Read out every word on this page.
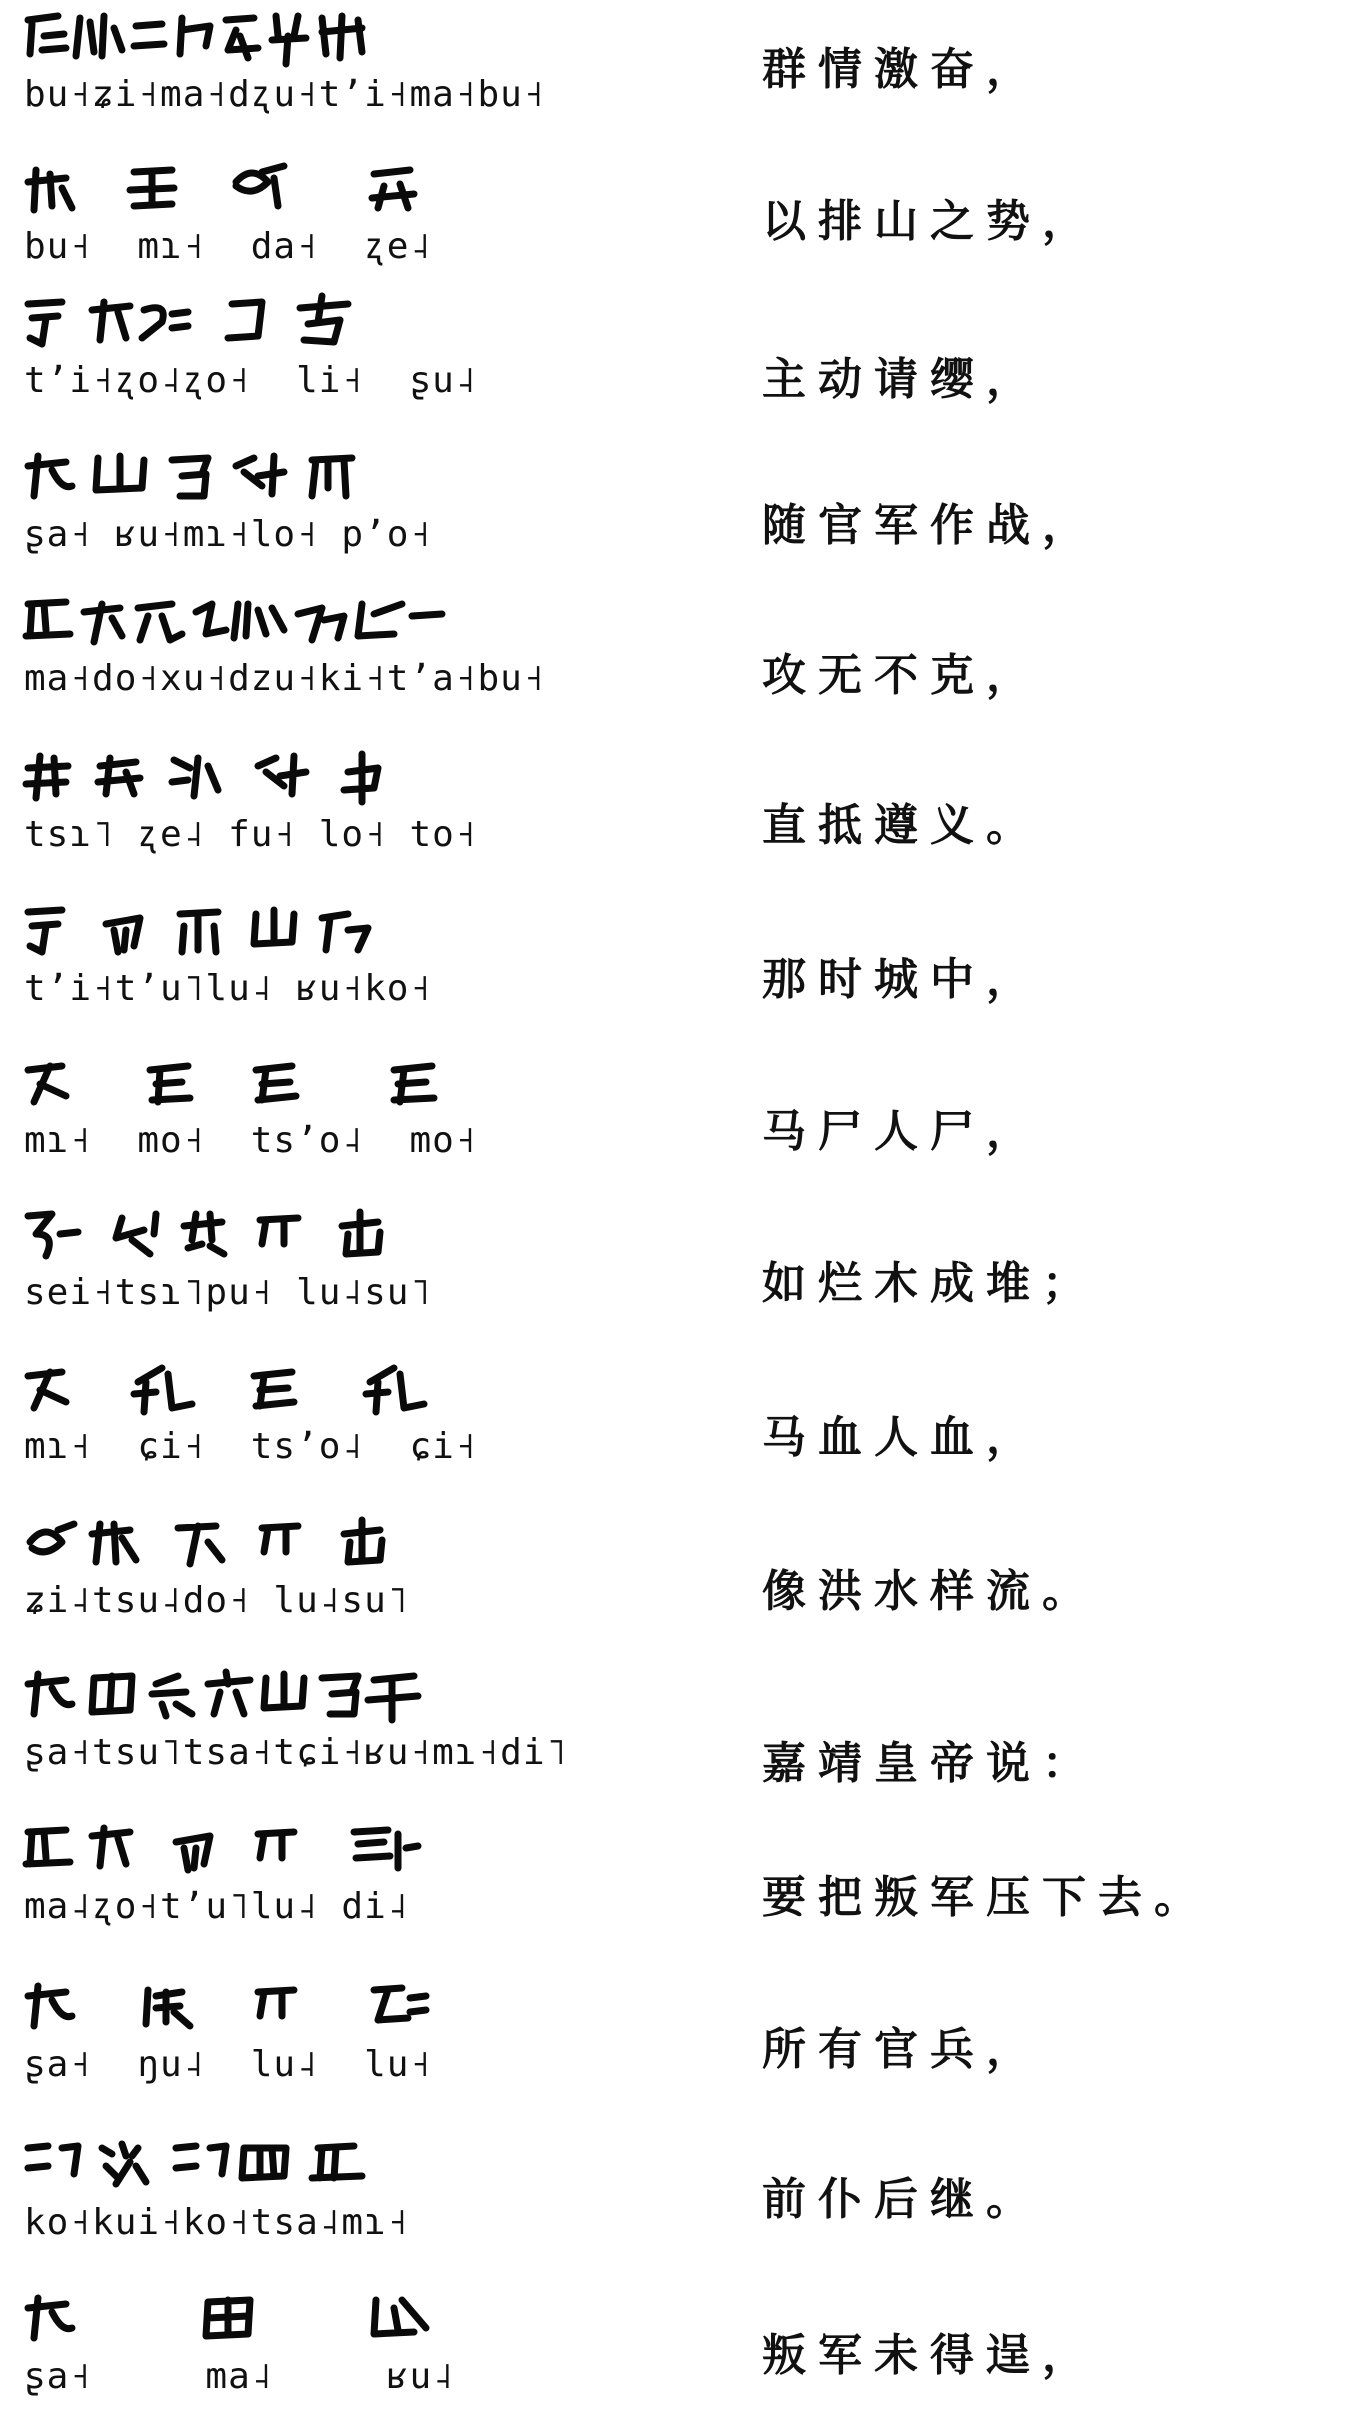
bu˧ʑi˧ma˧dʐu˧tʼi˧ma˧bu˧	群情激奋，
bu˧  mɿ˧  da˧  ʐe˨	以排山之势，
tʼi˧ʐo˨ʐo˧  li˧  ʂu˨	主动请缨，
ʂa˧ ʁu˧mɿ˧lo˧ pʼo˧	随官军作战，
ma˧do˧xu˧dzu˧ki˧tʼa˧bu˧	攻无不克，
tsɿ˥ ʐe˨ fu˧ lo˧ to˧	直抵遵义。
tʼi˧tʼu˥lu˨ ʁu˧ko˧	那时城中，
mɿ˧  mo˧  tsʼo˨  mo˧	马尸人尸，
sei˧tsɿ˥pu˧ lu˨su˥	如烂木成堆；
mɿ˧  ɕi˧  tsʼo˨  ɕi˧	马血人血，
ʑi˨tsu˨do˧ lu˨su˥	像洪水样流。
ʂa˧tsu˥tsa˧tɕi˧ʁu˧mɿ˧di˥	嘉靖皇帝说：
ma˨ʐo˧tʼu˥lu˨ di˨	要把叛军压下去。
ʂa˧  ŋu˨  lu˨  lu˧	所有官兵，
ko˧kui˧ko˧tsa˨mɿ˧	前仆后继。
ʂa˧     ma˨     ʁu˨	叛军未得逞，
